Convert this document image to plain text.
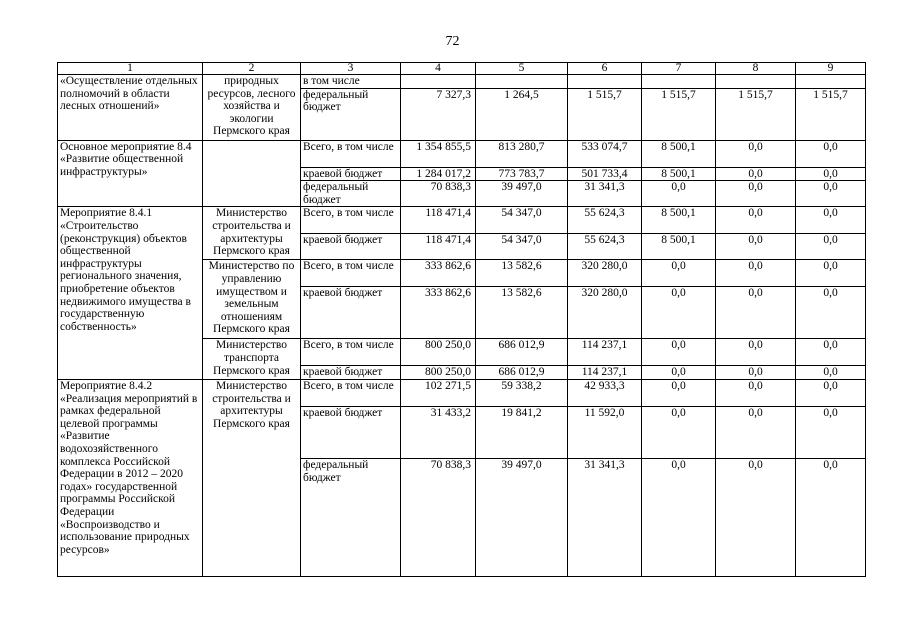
72
1	2	3	4	5	6	7	8	9
«Осуществление отдельных полномочий в области лесных отношений»	природных ресурсов, лесного хозяйства и экологии Пермского края	в том числе						
		федеральный бюджет	7 327,3	1 264,5	1 515,7	1 515,7	1 515,7	1 515,7
Основное мероприятие 8.4 «Развитие общественной инфраструктуры»		Всего, в том числе	1 354 855,5	813 280,7	533 074,7	8 500,1	0,0	0,0
		краевой бюджет	1 284 017,2	773 783,7	501 733,4	8 500,1	0,0	0,0
		федеральный бюджет	70 838,3	39 497,0	31 341,3	0,0	0,0	0,0
Мероприятие 8.4.1 «Строительство (реконструкция) объектов общественной инфраструктуры регионального значения, приобретение объектов недвижимого имущества в государственную собственность»	Министерство строительства и архитектуры Пермского края	Всего, в том числе	118 471,4	54 347,0	55 624,3	8 500,1	0,0	0,0
		краевой бюджет	118 471,4	54 347,0	55 624,3	8 500,1	0,0	0,0
	Министерство по управлению имуществом и земельным отношениям Пермского края	Всего, в том числе	333 862,6	13 582,6	320 280,0	0,0	0,0	0,0
		краевой бюджет	333 862,6	13 582,6	320 280,0	0,0	0,0	0,0
	Министерство транспорта Пермского края	Всего, в том числе	800 250,0	686 012,9	114 237,1	0,0	0,0	0,0
		краевой бюджет	800 250,0	686 012,9	114 237,1	0,0	0,0	0,0
Мероприятие 8.4.2 «Реализация мероприятий в рамках федеральной целевой программы «Развитие водохозяйственного комплекса Российской Федерации в 2012 – 2020 годах» государственной программы Российской Федерации «Воспроизводство и использование природных ресурсов»	Министерство строительства и архитектуры Пермского края	Всего, в том числе	102 271,5	59 338,2	42 933,3	0,0	0,0	0,0
		краевой бюджет	31 433,2	19 841,2	11 592,0	0,0	0,0	0,0
		федеральный бюджет	70 838,3	39 497,0	31 341,3	0,0	0,0	0,0
